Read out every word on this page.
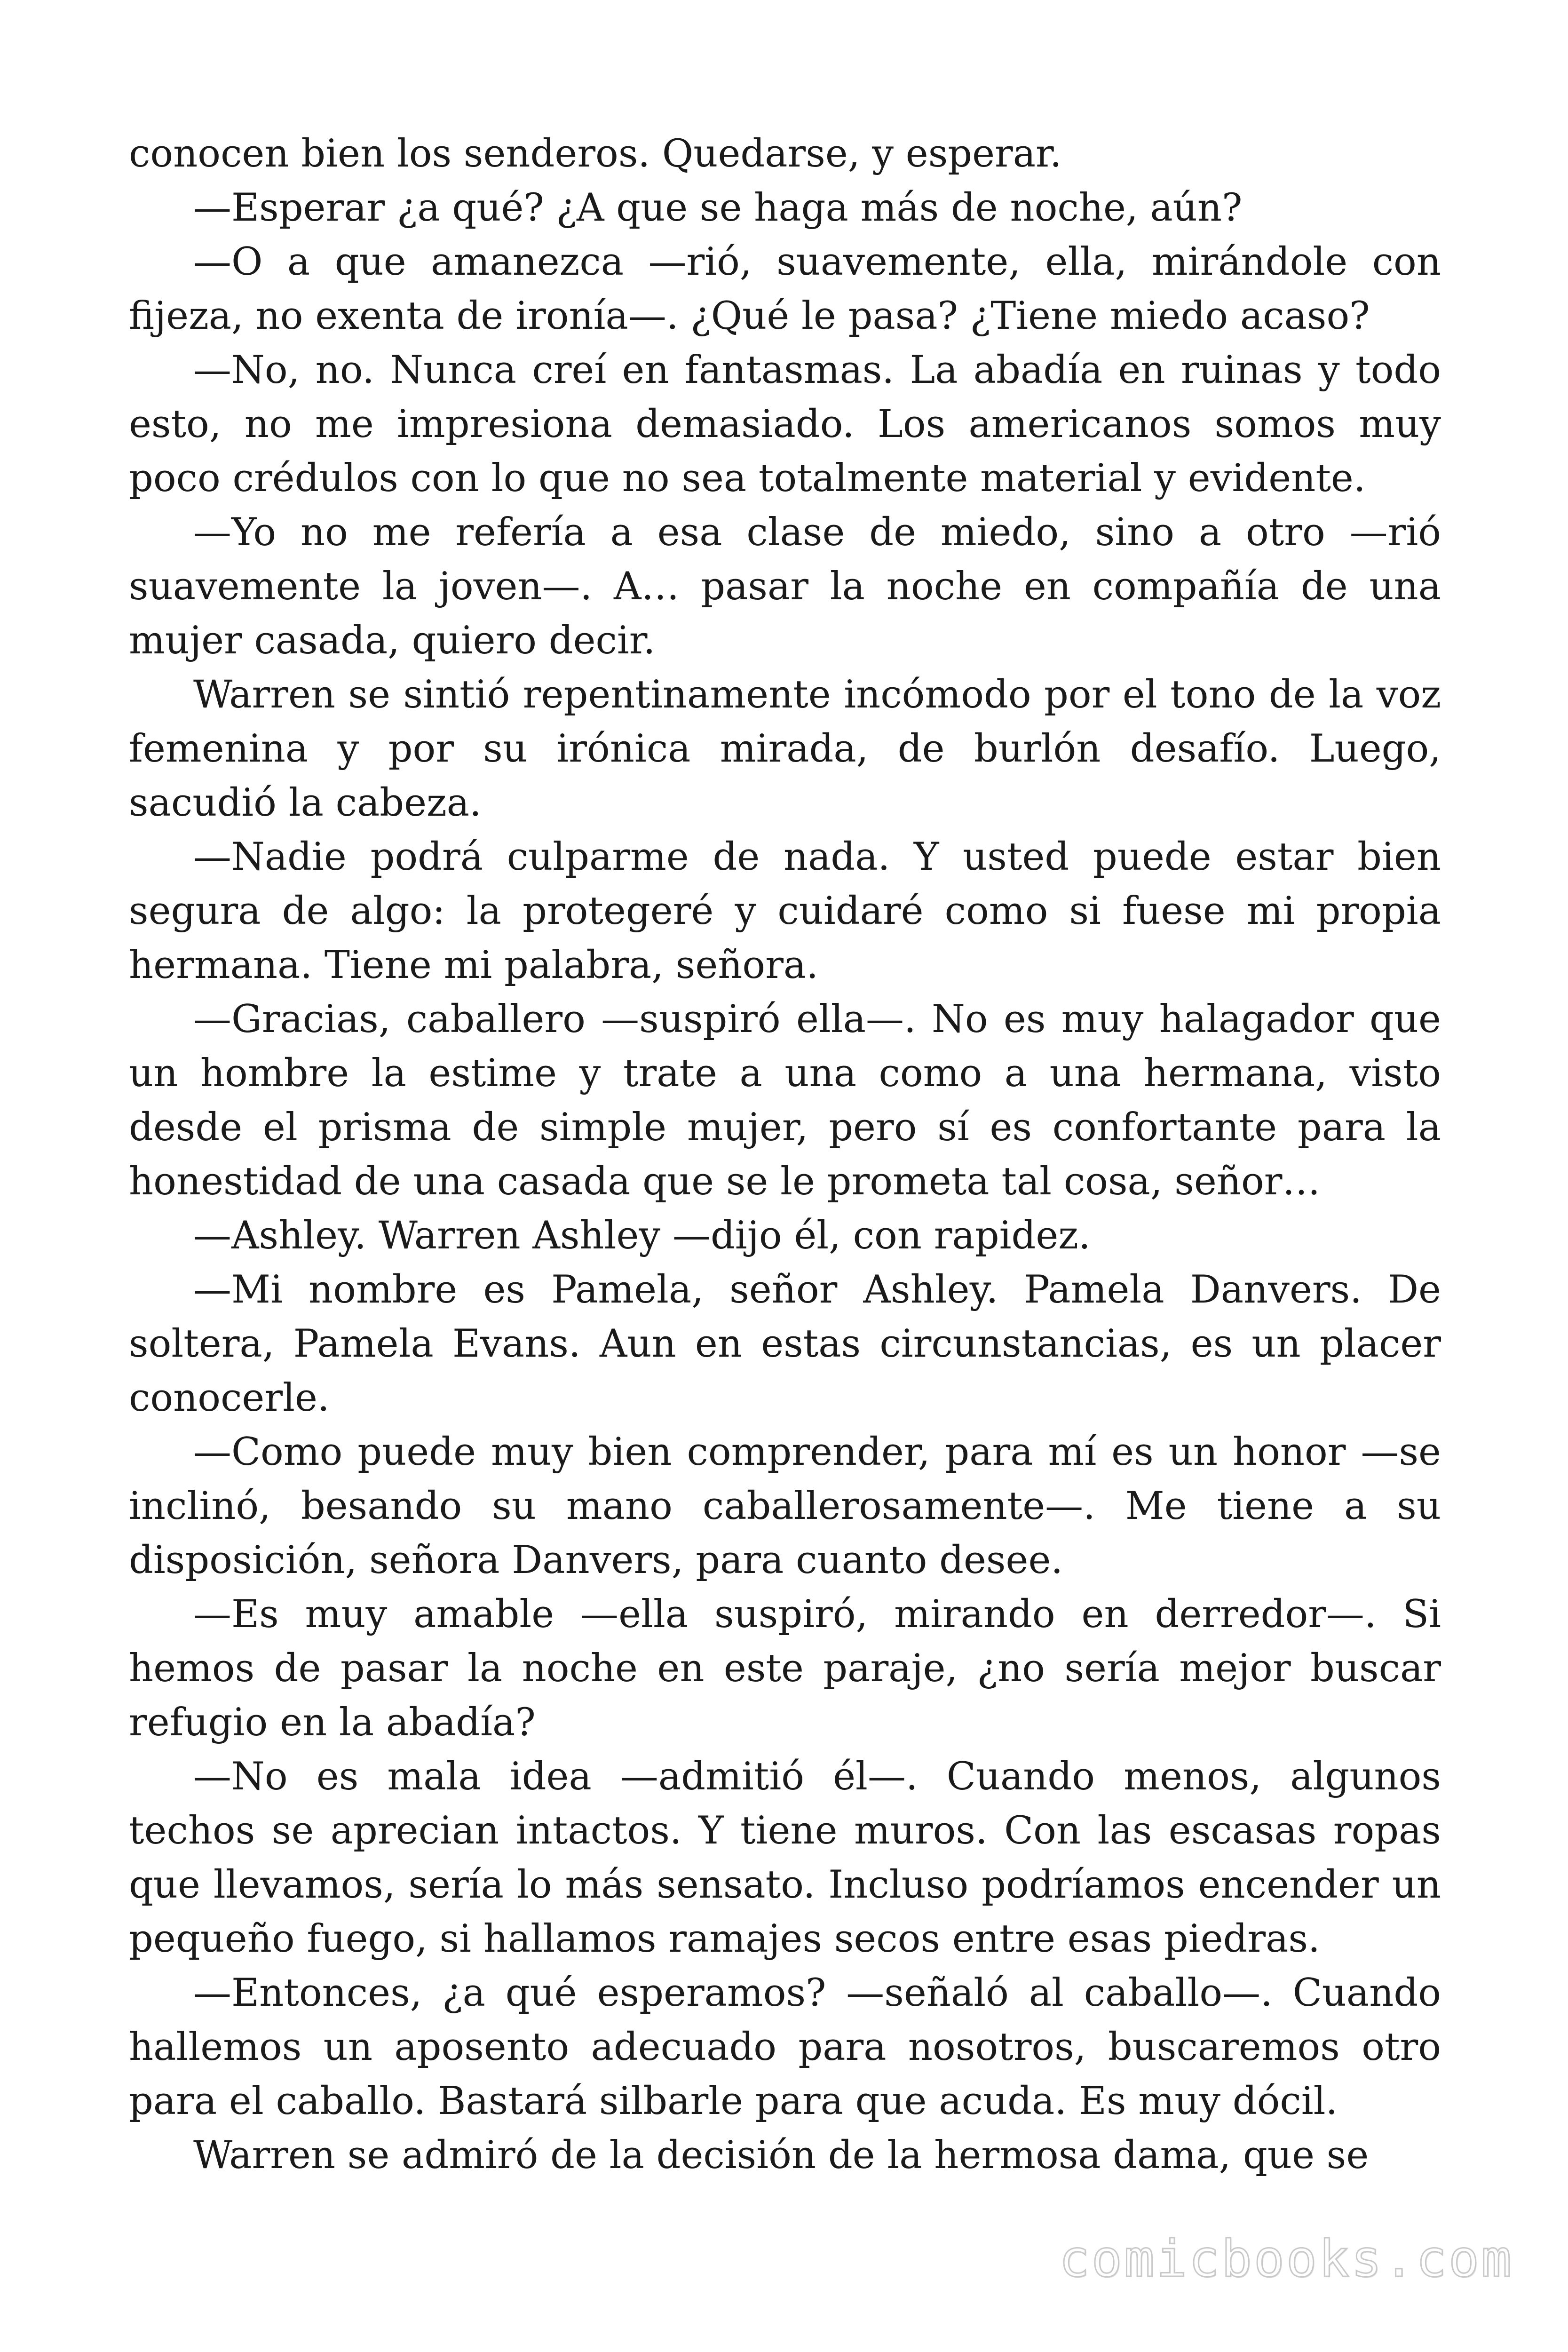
conocen bien los senderos. Quedarse, y esperar.

—Esperar ¿a qué? ¿A que se haga más de noche, aún?

—O a que amanezca —rió, suavemente, ella, mirándole con fijeza, no exenta de ironía—. ¿Qué le pasa? ¿Tiene miedo acaso?

—No, no. Nunca creí en fantasmas. La abadía en ruinas y todo esto, no me impresiona demasiado. Los americanos somos muy poco crédulos con lo que no sea totalmente material y evidente.

—Yo no me refería a esa clase de miedo, sino a otro —rió suavemente la joven—. A… pasar la noche en compañía de una mujer casada, quiero decir.

Warren se sintió repentinamente incómodo por el tono de la voz femenina y por su irónica mirada, de burlón desafío. Luego, sacudió la cabeza.

—Nadie podrá culparme de nada. Y usted puede estar bien segura de algo: la protegeré y cuidaré como si fuese mi propia hermana. Tiene mi palabra, señora.

—Gracias, caballero —suspiró ella—. No es muy halagador que un hombre la estime y trate a una como a una hermana, visto desde el prisma de simple mujer, pero sí es confortante para la honestidad de una casada que se le prometa tal cosa, señor…

—Ashley. Warren Ashley —dijo él, con rapidez.

—Mi nombre es Pamela, señor Ashley. Pamela Danvers. De soltera, Pamela Evans. Aun en estas circunstancias, es un placer conocerle.

—Como puede muy bien comprender, para mí es un honor —se inclinó, besando su mano caballerosamente—. Me tiene a su disposición, señora Danvers, para cuanto desee.

—Es muy amable —ella suspiró, mirando en derredor—. Si hemos de pasar la noche en este paraje, ¿no sería mejor buscar refugio en la abadía?

—No es mala idea —admitió él—. Cuando menos, algunos techos se aprecian intactos. Y tiene muros. Con las escasas ropas que llevamos, sería lo más sensato. Incluso podríamos encender un pequeño fuego, si hallamos ramajes secos entre esas piedras.

—Entonces, ¿a qué esperamos? —señaló al caballo—. Cuando hallemos un aposento adecuado para nosotros, buscaremos otro para el caballo. Bastará silbarle para que acuda. Es muy dócil.

Warren se admiró de la decisión de la hermosa dama, que se

comicbooks.com
